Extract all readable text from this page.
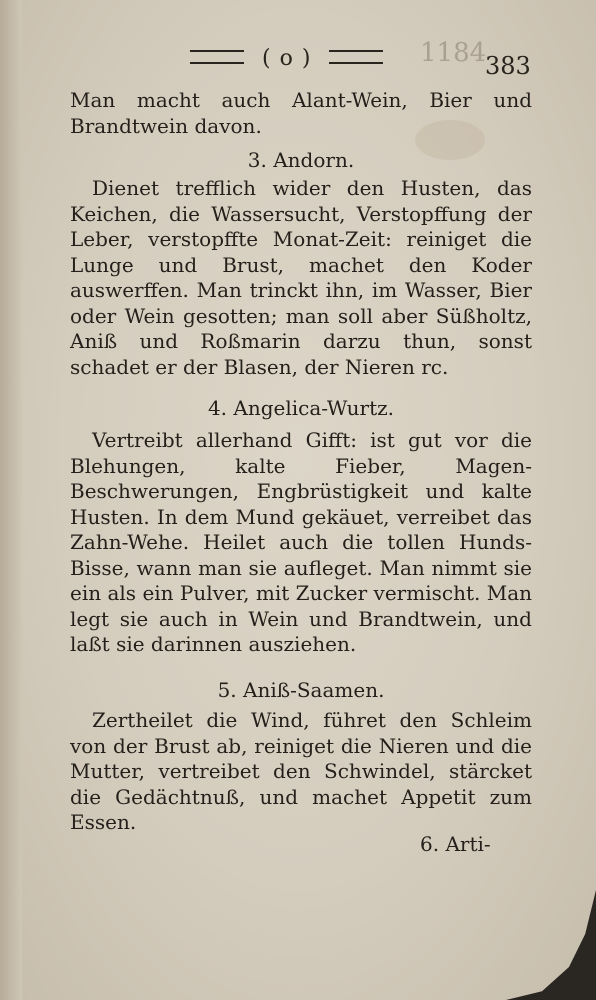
( o )	1184
383
Man macht auch Alant-Wein, Bier und Brandtwein davon.
3. Andorn.
Dienet trefflich wider den Husten, das Keichen, die Wassersucht, Verstopffung der Leber, verstopffte Monat-Zeit: reiniget die Lunge und Brust, machet den Koder auswerffen. Man trinckt ihn, im Wasser, Bier oder Wein gesotten; man soll aber Süßholtz, Aniß und Roßmarin darzu thun, sonst schadet er der Blasen, der Nieren rc.
4. Angelica-Wurtz.
Vertreibt allerhand Gifft: ist gut vor die Blehungen, kalte Fieber, Magen-Beschwerungen, Engbrüstigkeit und kalte Husten. In dem Mund gekäuet, verreibet das Zahn-Wehe. Heilet auch die tollen Hunds-Bisse, wann man sie aufleget. Man nimmt sie ein als ein Pulver, mit Zucker vermischt. Man legt sie auch in Wein und Brandtwein, und laßt sie darinnen ausziehen.
5. Aniß-Saamen.
Zertheilet die Wind, führet den Schleim von der Brust ab, reiniget die Nieren und die Mutter, vertreibet den Schwindel, stärcket die Gedächtnuß, und machet Appetit zum Essen.
6. Arti-
